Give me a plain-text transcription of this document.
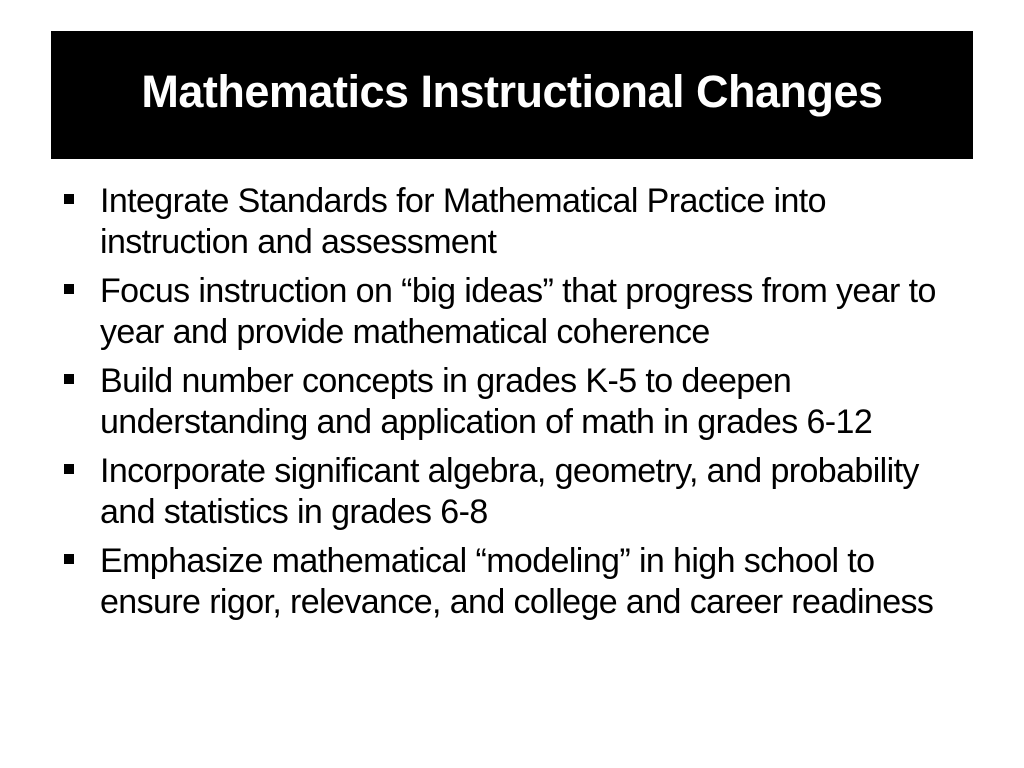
Mathematics Instructional Changes
Integrate Standards for Mathematical Practice into instruction and assessment
Focus instruction on “big ideas” that progress from year to year and provide mathematical coherence
Build number concepts in grades K-5 to deepen understanding and application of math in grades 6-12
Incorporate significant algebra, geometry, and probability and statistics in grades 6-8
Emphasize mathematical “modeling” in high school to ensure rigor, relevance, and college and career readiness
